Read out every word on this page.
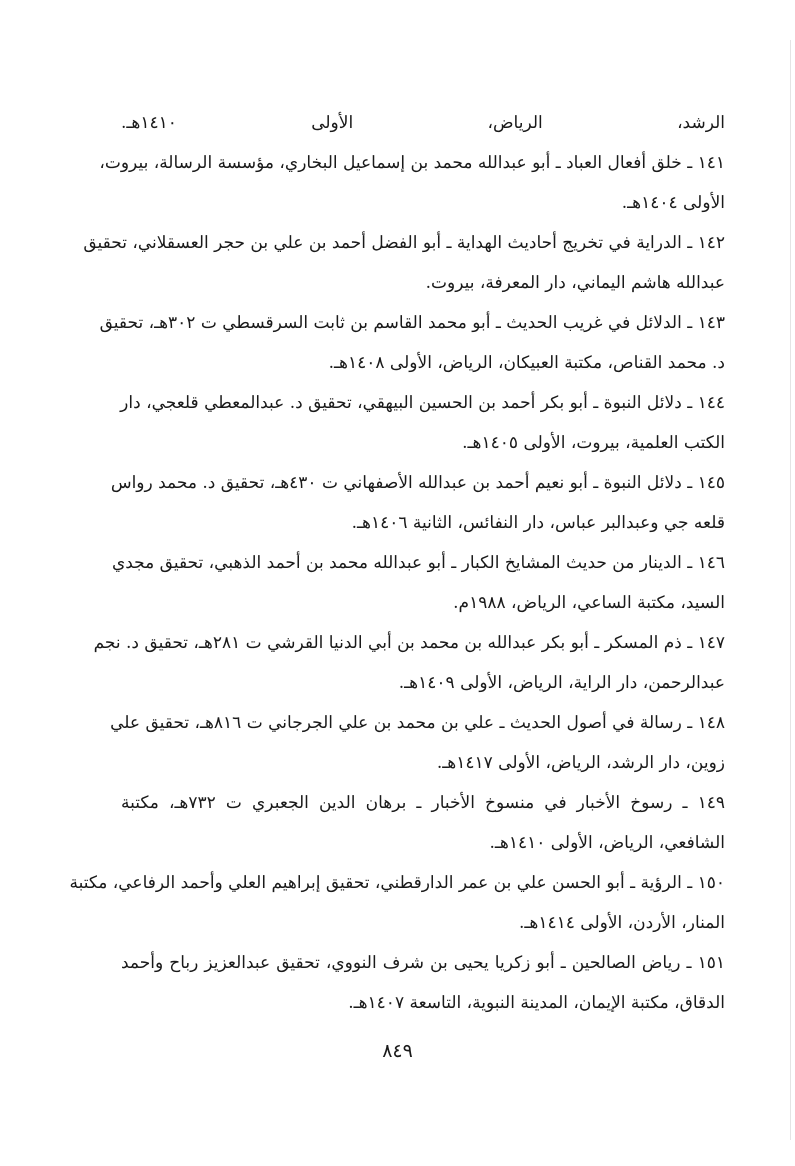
الرشد، الرياض، الأولى ١٤١٠هـ.
١٤١ ـ خلق أفعال العباد ـ أبو عبدالله محمد بن إسماعيل البخاري، مؤسسة الرسالة، بيروت،
الأولى ١٤٠٤هـ.
١٤٢ ـ الدراية في تخريج أحاديث الهداية ـ أبو الفضل أحمد بن علي بن حجر العسقلاني، تحقيق
عبدالله هاشم اليماني، دار المعرفة، بيروت.
١٤٣ ـ الدلائل في غريب الحديث ـ أبو محمد القاسم بن ثابت السرقسطي ت ٣٠٢هـ، تحقيق
د. محمد القناص، مكتبة العبيكان، الرياض، الأولى ١٤٠٨هـ.
١٤٤ ـ دلائل النبوة ـ أبو بكر أحمد بن الحسين البيهقي، تحقيق د. عبدالمعطي قلعجي، دار
الكتب العلمية، بيروت، الأولى ١٤٠٥هـ.
١٤٥ ـ دلائل النبوة ـ أبو نعيم أحمد بن عبدالله الأصفهاني ت ٤٣٠هـ، تحقيق د. محمد رواس
قلعه جي وعبدالبر عباس، دار النفائس، الثانية ١٤٠٦هـ.
١٤٦ ـ الدينار من حديث المشايخ الكبار ـ أبو عبدالله محمد بن أحمد الذهبي، تحقيق مجدي
السيد، مكتبة الساعي، الرياض، ١٩٨٨م.
١٤٧ ـ ذم المسكر ـ أبو بكر عبدالله بن محمد بن أبي الدنيا القرشي ت ٢٨١هـ، تحقيق د. نجم
عبدالرحمن، دار الراية، الرياض، الأولى ١٤٠٩هـ.
١٤٨ ـ رسالة في أصول الحديث ـ علي بن محمد بن علي الجرجاني ت ٨١٦هـ، تحقيق علي
زوين، دار الرشد، الرياض، الأولى ١٤١٧هـ.
١٤٩ ـ رسوخ الأخبار في منسوخ الأخبار ـ برهان الدين الجعبري ت ٧٣٢هـ، مكتبة
الشافعي، الرياض، الأولى ١٤١٠هـ.
١٥٠ ـ الرؤية ـ أبو الحسن علي بن عمر الدارقطني، تحقيق إبراهيم العلي وأحمد الرفاعي، مكتبة
المنار، الأردن، الأولى ١٤١٤هـ.
١٥١ ـ رياض الصالحين ـ أبو زكريا يحيى بن شرف النووي، تحقيق عبدالعزيز رباح وأحمد
الدقاق، مكتبة الإيمان، المدينة النبوية، التاسعة ١٤٠٧هـ.
٨٤٩
